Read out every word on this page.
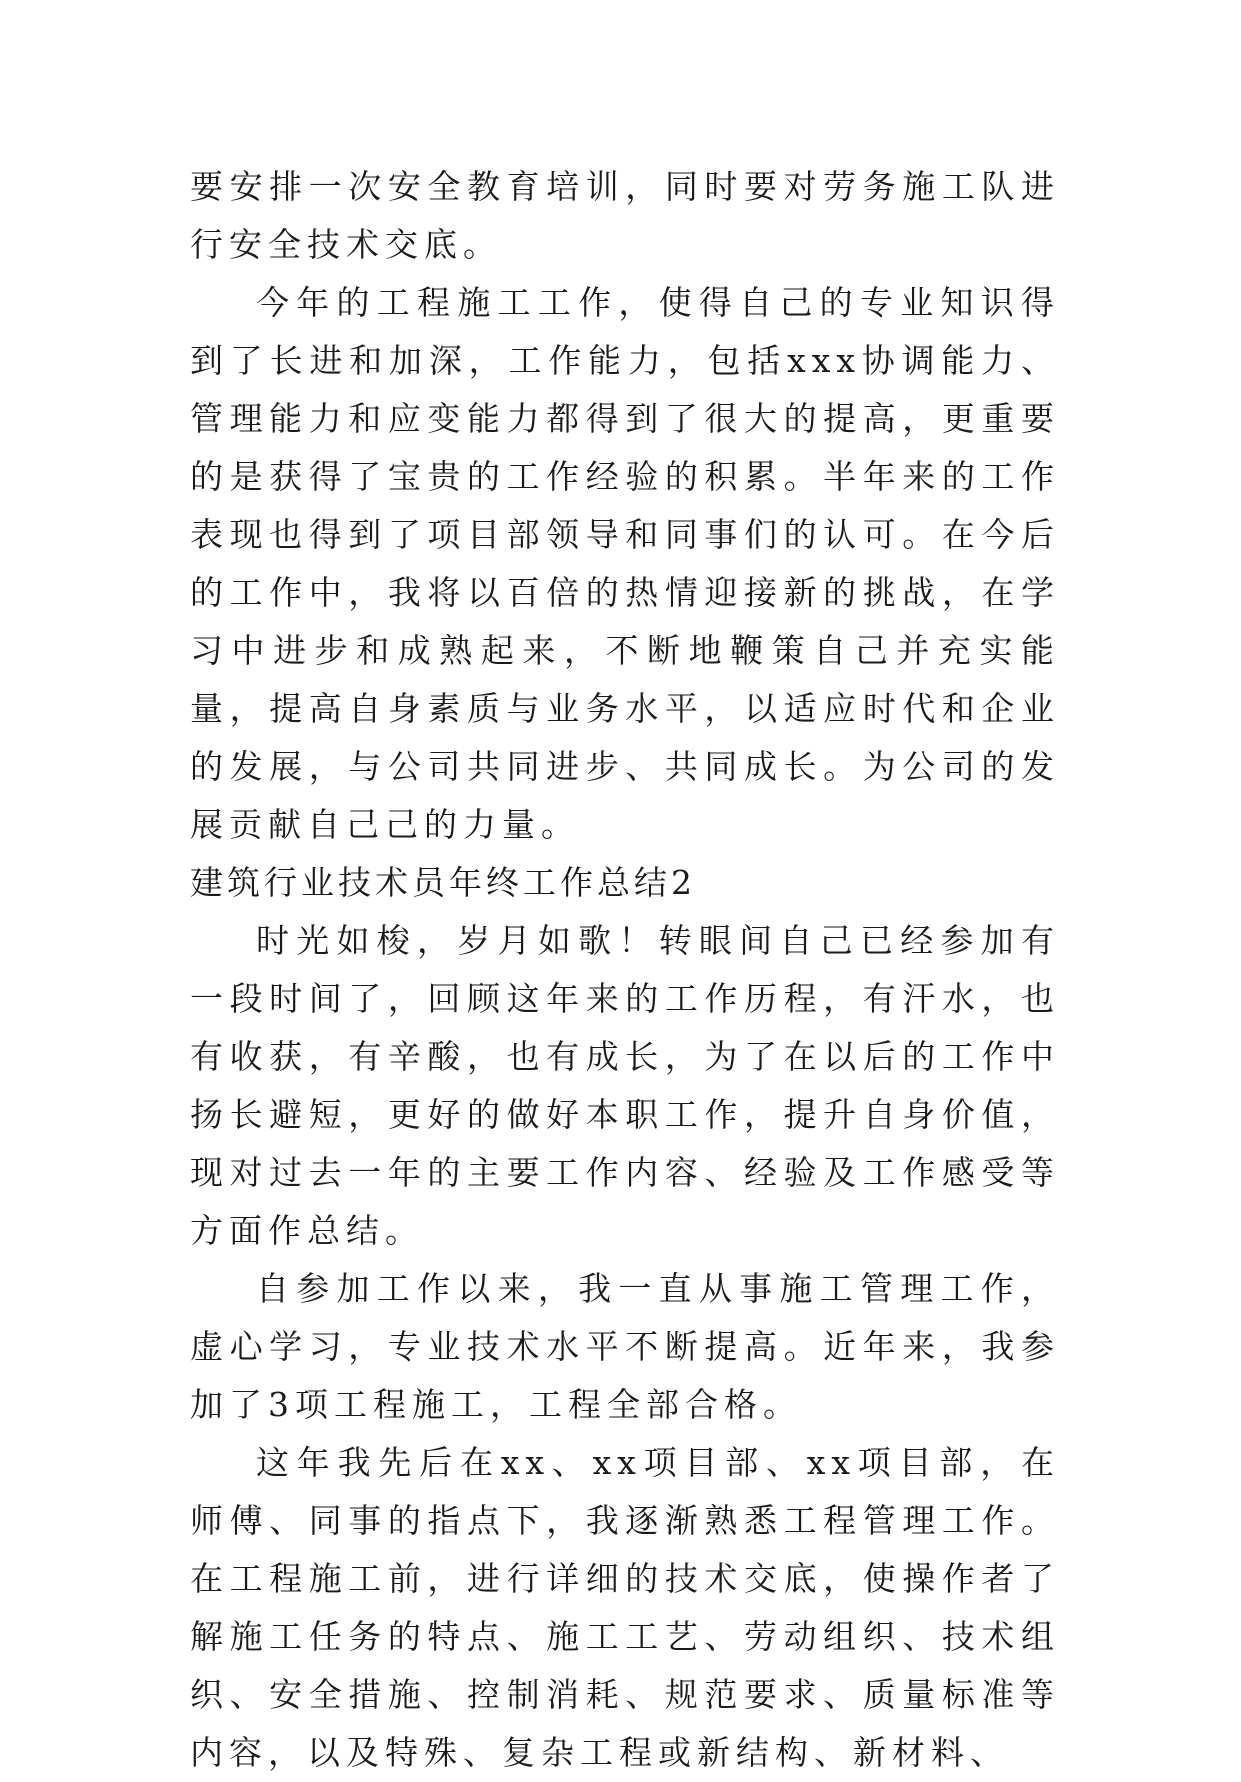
要安排一次安全教育培训，同时要对劳务施工队进行安全技术交底。

今年的工程施工工作，使得自己的专业知识得到了长进和加深，工作能力，包括xxx协调能力、管理能力和应变能力都得到了很大的提高，更重要的是获得了宝贵的工作经验的积累。半年来的工作表现也得到了项目部领导和同事们的认可。在今后的工作中，我将以百倍的热情迎接新的挑战，在学习中进步和成熟起来，不断地鞭策自己并充实能量，提高自身素质与业务水平，以适应时代和企业的发展，与公司共同进步、共同成长。为公司的发展贡献自己己的力量。

建筑行业技术员年终工作总结2

时光如梭，岁月如歌！转眼间自己已经参加有一段时间了，回顾这年来的工作历程，有汗水，也有收获，有辛酸，也有成长，为了在以后的工作中扬长避短，更好的做好本职工作，提升自身价值，现对过去一年的主要工作内容、经验及工作感受等方面作总结。

自参加工作以来，我一直从事施工管理工作，虚心学习，专业技术水平不断提高。近年来，我参加了3项工程施工，工程全部合格。

这年我先后在xx、xx项目部、xx项目部，在师傅、同事的指点下，我逐渐熟悉工程管理工作。在工程施工前，进行详细的技术交底，使操作者了解施工任务的特点、施工工艺、劳动组织、技术组织、安全措施、控制消耗、规范要求、质量标准等内容，以及特殊、复杂工程或新结构、新材料、
